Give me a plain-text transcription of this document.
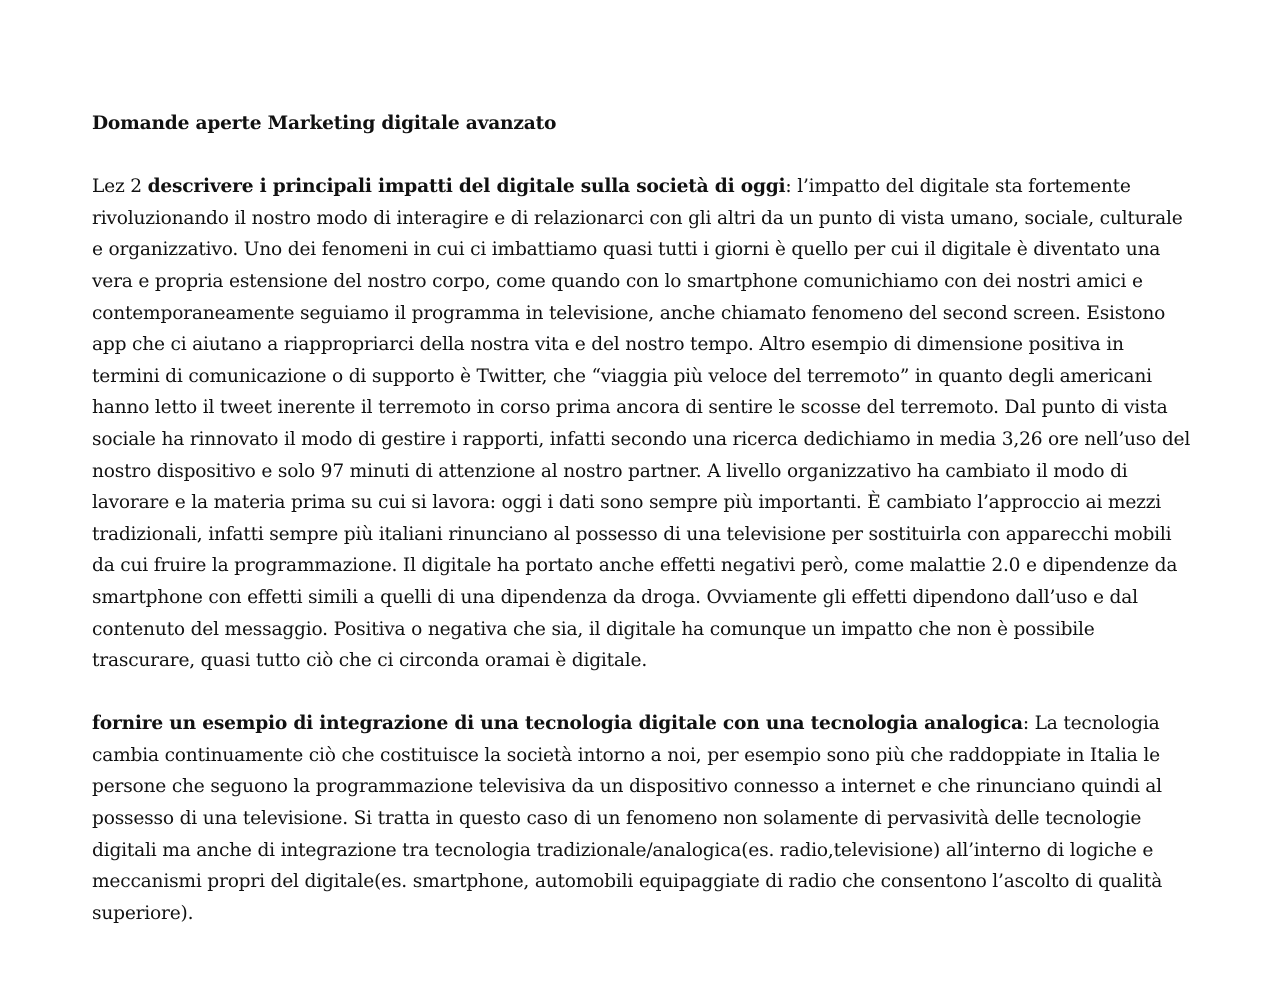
Domande aperte Marketing digitale avanzato

Lez 2 descrivere i principali impatti del digitale sulla società di oggi: l’impatto del digitale sta fortemente rivoluzionando il nostro modo di interagire e di relazionarci con gli altri da un punto di vista umano, sociale, culturale e organizzativo. Uno dei fenomeni in cui ci imbattiamo quasi tutti i giorni è quello per cui il digitale è diventato una vera e propria estensione del nostro corpo, come quando con lo smartphone comunichiamo con dei nostri amici e contemporaneamente seguiamo il programma in televisione, anche chiamato fenomeno del second screen. Esistono app che ci aiutano a riappropriarci della nostra vita e del nostro tempo. Altro esempio di dimensione positiva in termini di comunicazione o di supporto è Twitter, che “viaggia più veloce del terremoto” in quanto degli americani hanno letto il tweet inerente il terremoto in corso prima ancora di sentire le scosse del terremoto. Dal punto di vista sociale ha rinnovato il modo di gestire i rapporti, infatti secondo una ricerca dedichiamo in media 3,26 ore nell’uso del nostro dispositivo e solo 97 minuti di attenzione al nostro partner. A livello organizzativo ha cambiato il modo di lavorare e la materia prima su cui si lavora: oggi i dati sono sempre più importanti. È cambiato l’approccio ai mezzi tradizionali, infatti sempre più italiani rinunciano al possesso di una televisione per sostituirla con apparecchi mobili da cui fruire la programmazione. Il digitale ha portato anche effetti negativi però, come malattie 2.0 e dipendenze da smartphone con effetti simili a quelli di una dipendenza da droga. Ovviamente gli effetti dipendono dall’uso e dal contenuto del messaggio. Positiva o negativa che sia, il digitale ha comunque un impatto che non è possibile trascurare, quasi tutto ciò che ci circonda oramai è digitale.

fornire un esempio di integrazione di una tecnologia digitale con una tecnologia analogica: La tecnologia cambia continuamente ciò che costituisce la società intorno a noi, per esempio sono più che raddoppiate in Italia le persone che seguono la programmazione televisiva da un dispositivo connesso a internet e che rinunciano quindi al possesso di una televisione. Si tratta in questo caso di un fenomeno non solamente di pervasività delle tecnologie digitali ma anche di integrazione tra tecnologia tradizionale/analogica(es. radio,televisione) all’interno di logiche e meccanismi propri del digitale(es. smartphone, automobili equipaggiate di radio che consentono l’ascolto di qualità superiore).
